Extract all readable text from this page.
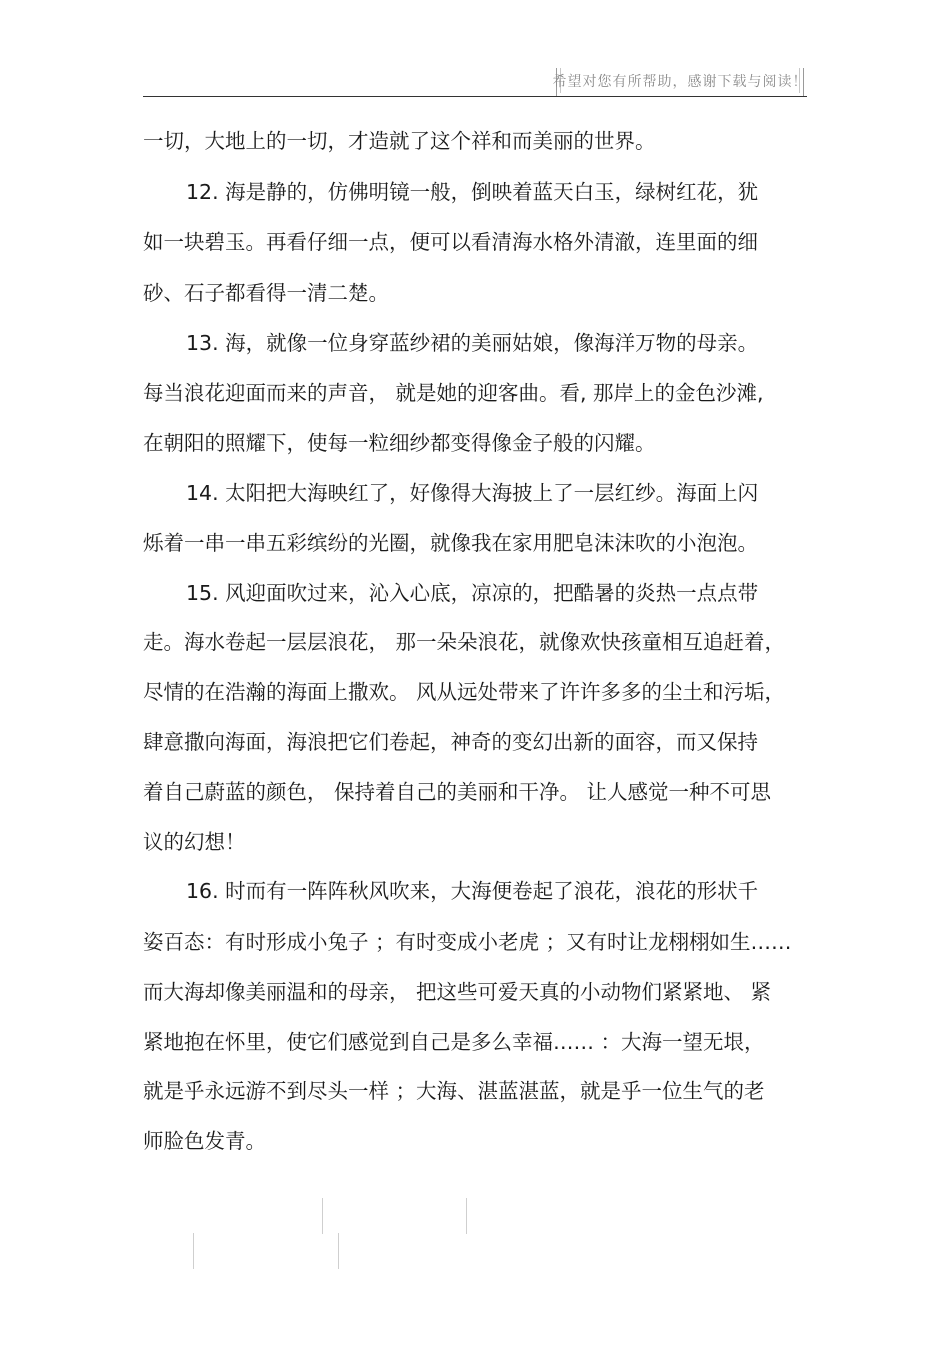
希望对您有所帮助，感谢下载与阅读！
一切，大地上的一切，才造就了这个祥和而美丽的世界。
12. 海是静的，仿佛明镜一般，倒映着蓝天白玉，绿树红花，犹
如一块碧玉。再看仔细一点，便可以看清海水格外清澈，连里面的细
砂、石子都看得一清二楚。
13. 海，就像一位身穿蓝纱裙的美丽姑娘，像海洋万物的母亲。
每当浪花迎面而来的声音， 就是她的迎客曲。看, 那岸上的金色沙滩,
在朝阳的照耀下，使每一粒细纱都变得像金子般的闪耀。
14. 太阳把大海映红了，好像得大海披上了一层红纱。海面上闪
烁着一串一串五彩缤纷的光圈，就像我在家用肥皂沫沫吹的小泡泡。
15. 风迎面吹过来，沁入心底，凉凉的，把酷暑的炎热一点点带
走。海水卷起一层层浪花， 那一朵朵浪花，就像欢快孩童相互追赶着，
尽情的在浩瀚的海面上撒欢。 风从远处带来了许许多多的尘土和污垢，
肆意撒向海面，海浪把它们卷起，神奇的变幻出新的面容，而又保持
着自己蔚蓝的颜色， 保持着自己的美丽和干净。 让人感觉一种不可思
议的幻想！
16. 时而有一阵阵秋风吹来，大海便卷起了浪花，浪花的形状千
姿百态：有时形成小兔子 ；有时变成小老虎 ；又有时让龙栩栩如生……
而大海却像美丽温和的母亲， 把这些可爱天真的小动物们紧紧地、 紧
紧地抱在怀里，使它们感觉到自己是多么幸福…… ：大海一望无垠，
就是乎永远游不到尽头一样 ；大海、湛蓝湛蓝，就是乎一位生气的老
师脸色发青。
